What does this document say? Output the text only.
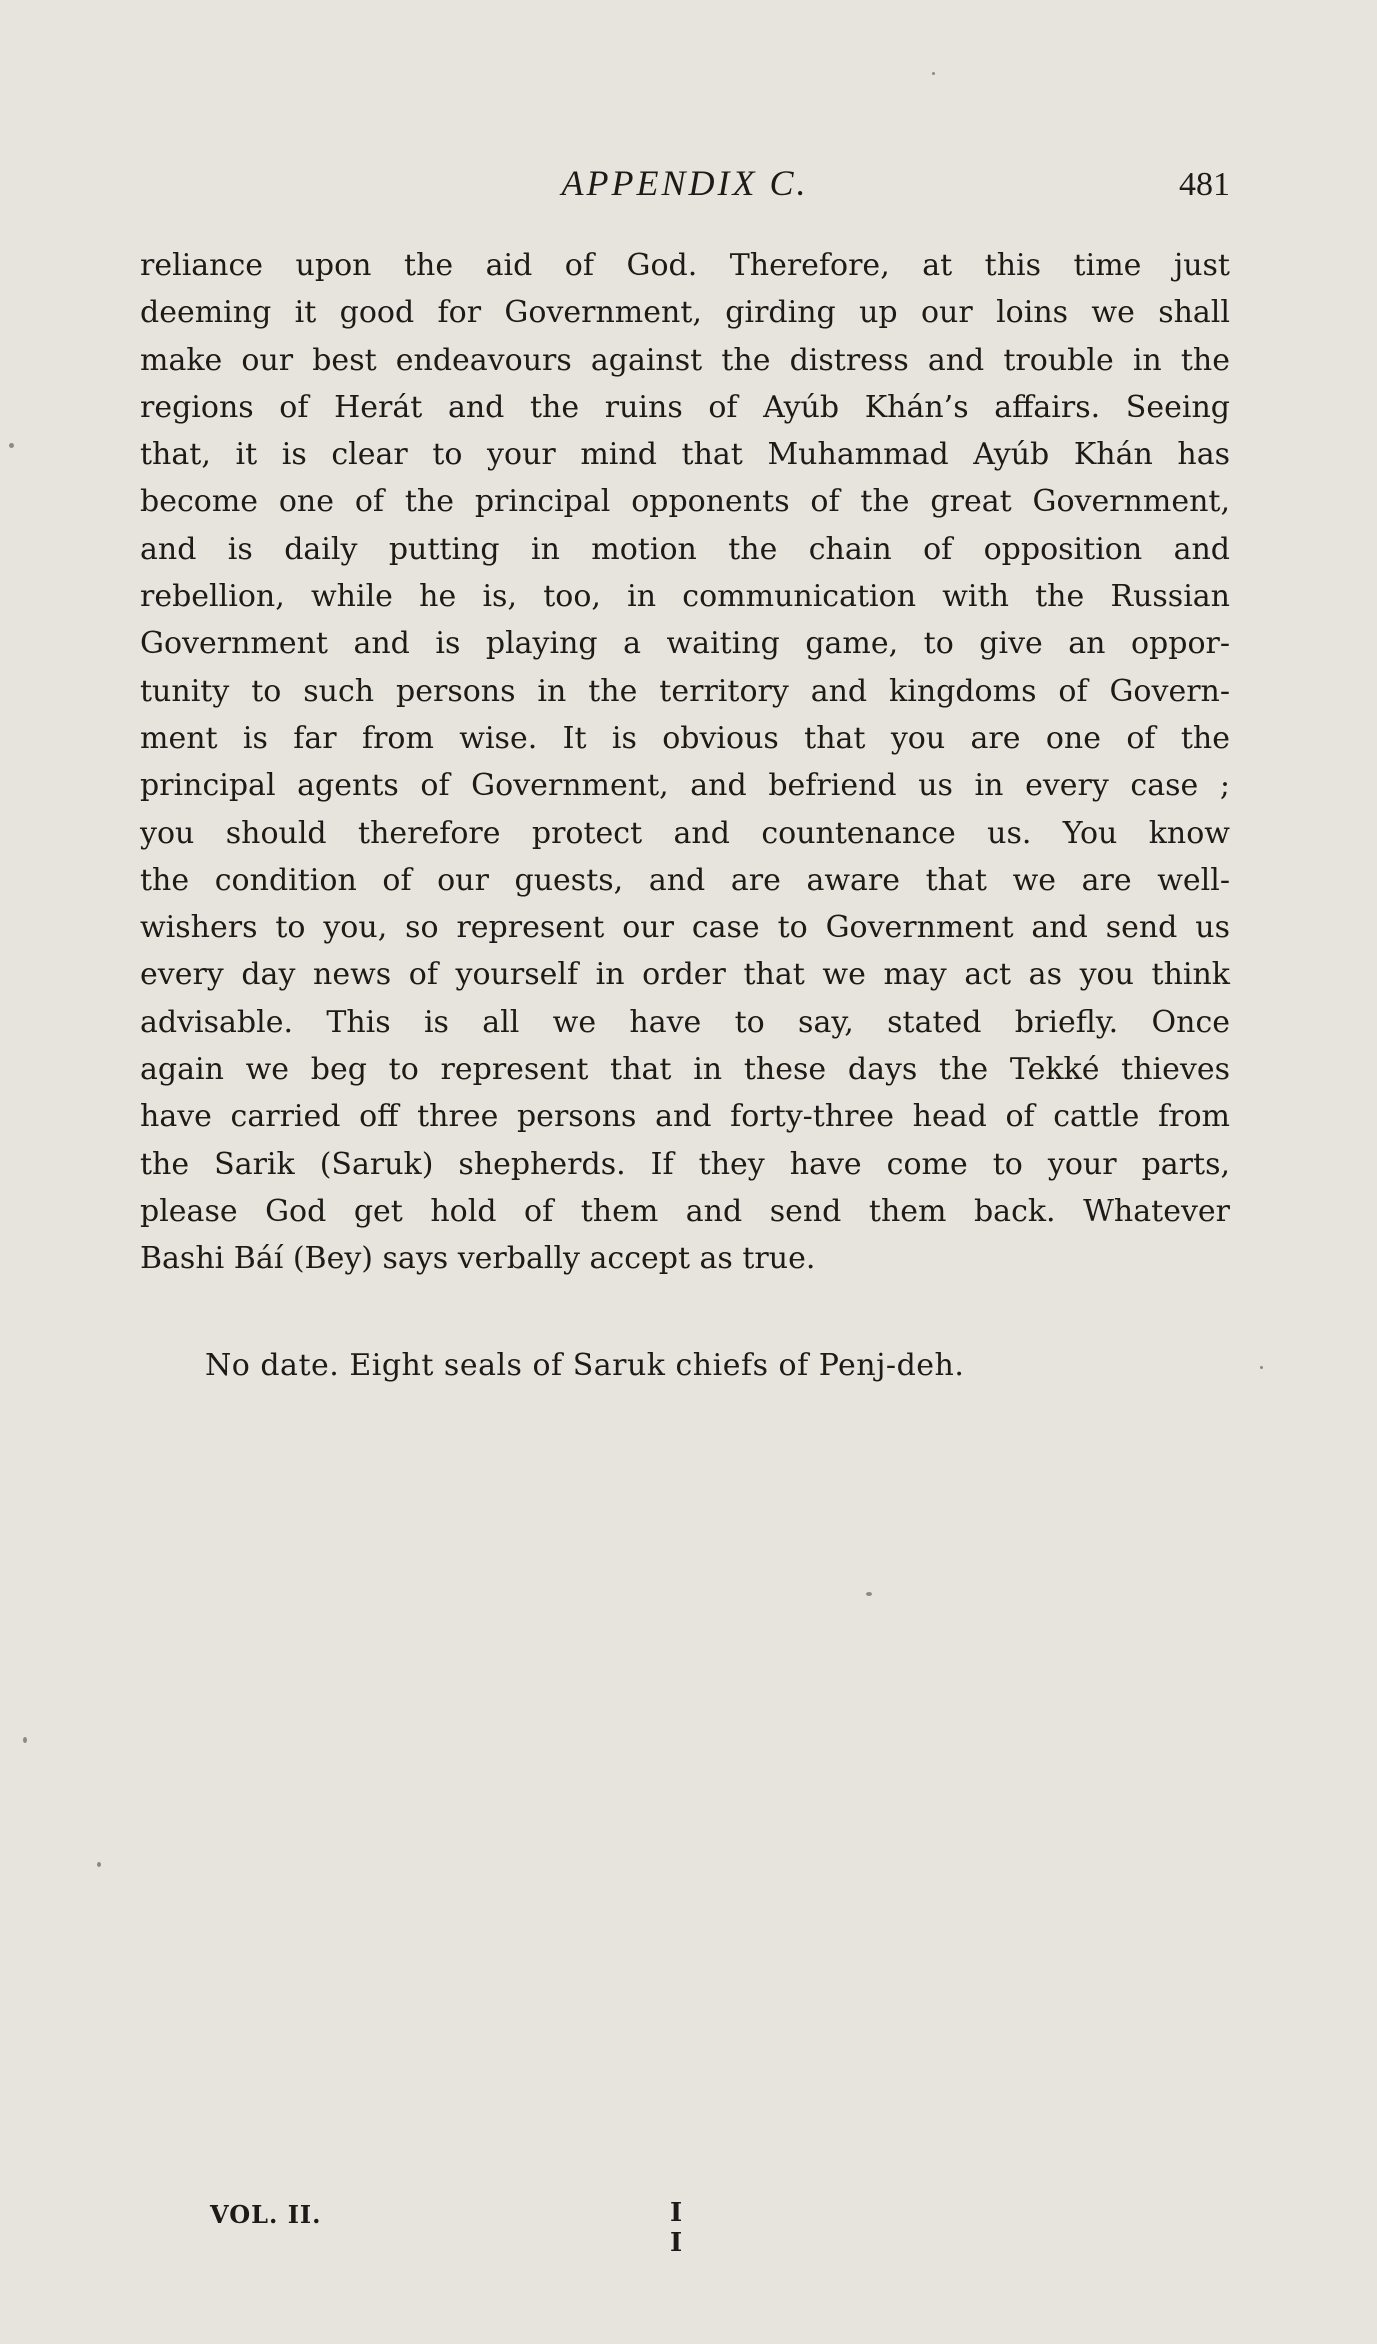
APPENDIX C.	481
reliance upon the aid of God. Therefore, at this time just
deeming it good for Government, girding up our loins we shall
make our best endeavours against the distress and trouble in the
regions of Herát and the ruins of Ayúb Khán’s affairs. Seeing
that, it is clear to your mind that Muhammad Ayúb Khán has
become one of the principal opponents of the great Government,
and is daily putting in motion the chain of opposition and
rebellion, while he is, too, in communication with the Russian
Government and is playing a waiting game, to give an oppor-
tunity to such persons in the territory and kingdoms of Govern-
ment is far from wise. It is obvious that you are one of the
principal agents of Government, and befriend us in every case ;
you should therefore protect and countenance us. You know
the condition of our guests, and are aware that we are well-
wishers to you, so represent our case to Government and send us
every day news of yourself in order that we may act as you think
advisable. This is all we have to say, stated briefly. Once
again we beg to represent that in these days the Tekké thieves
have carried off three persons and forty-three head of cattle from
the Sarik (Saruk) shepherds. If they have come to your parts,
please God get hold of them and send them back. Whatever
Bashi Báí (Bey) says verbally accept as true.

No date. Eight seals of Saruk chiefs of Penj-deh.

VOL. II.	I I
